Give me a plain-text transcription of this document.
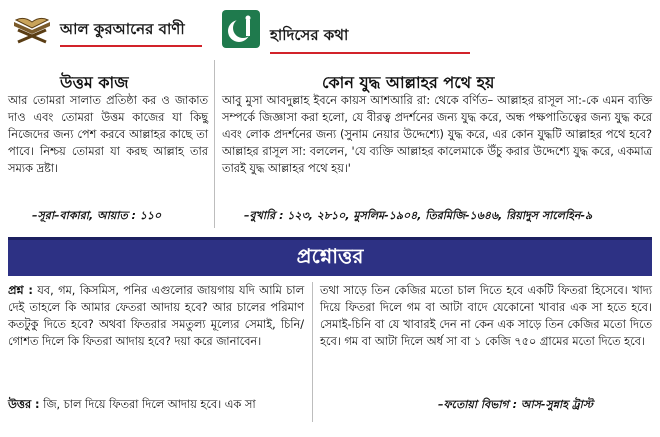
আল কুরআনের বাণী
উত্তম কাজ
আর তোমরা সালাত প্রতিষ্ঠা কর ও জাকাত দাও এবং তোমরা উত্তম কাজের যা কিছু নিজেদের জন্য পেশ করবে আল্লাহর কাছে তা পাবে। নিশ্চয় তোমরা যা করছ আল্লাহ তার সম্যক দ্রষ্টা।
–সূরা–বাকারা, আয়াত : ১১০
হাদিসের কথা
কোন যুদ্ধ আল্লাহর পথে হয়
আবু মুসা আবদুল্লাহ ইবনে কায়স আশআরি রা: থেকে বর্ণিত– আল্লাহর রাসূল সা:-কে এমন ব্যক্তি সম্পর্কে জিজ্ঞাসা করা হলো, যে বীরত্ব প্রদর্শনের জন্য যুদ্ধ করে, অন্ধ পক্ষপাতিত্বের জন্য যুদ্ধ করে এবং লোক প্রদর্শনের জন্য (সুনাম নেয়ার উদ্দেশ্যে) যুদ্ধ করে, এর কোন যুদ্ধটি আল্লাহর পথে হবে? আল্লাহর রাসূল সা: বললেন, 'যে ব্যক্তি আল্লাহর কালেমাকে উঁচু করার উদ্দেশ্যে যুদ্ধ করে, একমাত্র তারই যুদ্ধ আল্লাহর পথে হয়।'
–বুখারি : ১২৩, ২৮১০, মুসলিম-১৯০৪, তিরমিজি-১৬৪৬, রিয়াদুস সালেহিন-৯
প্রশ্নোত্তর
প্রশ্ন : যব, গম, কিসমিস, পনির এগুলোর জায়গায় যদি আমি চাল দেই তাহলে কি আমার ফেতরা আদায় হবে? আর চালের পরিমাণ কতটুকু দিতে হবে? অথবা ফিতরার সমতুল্য মূল্যের সেমাই, চিনি/গোশত দিলে কি ফিতরা আদায় হবে? দয়া করে জানাবেন।
উত্তর : জি, চাল দিয়ে ফিতরা দিলে আদায় হবে। এক সা
তথা সাড়ে তিন কেজির মতো চাল দিতে হবে একটি ফিতরা হিসেবে। খাদ্য দিয়ে ফিতরা দিলে গম বা আটা বাদে যেকোনো খাবার এক সা হতে হবে। সেমাই-চিনি বা যে খাবারই দেন না কেন এক সাড়ে তিন কেজির মতো দিতে হবে। গম বা আটা দিলে অর্ধ সা বা ১ কেজি ৭৫০ গ্রামের মতো দিতে হবে।
–ফতোয়া বিভাগ : আস-সুন্নাহ ট্রাস্ট
